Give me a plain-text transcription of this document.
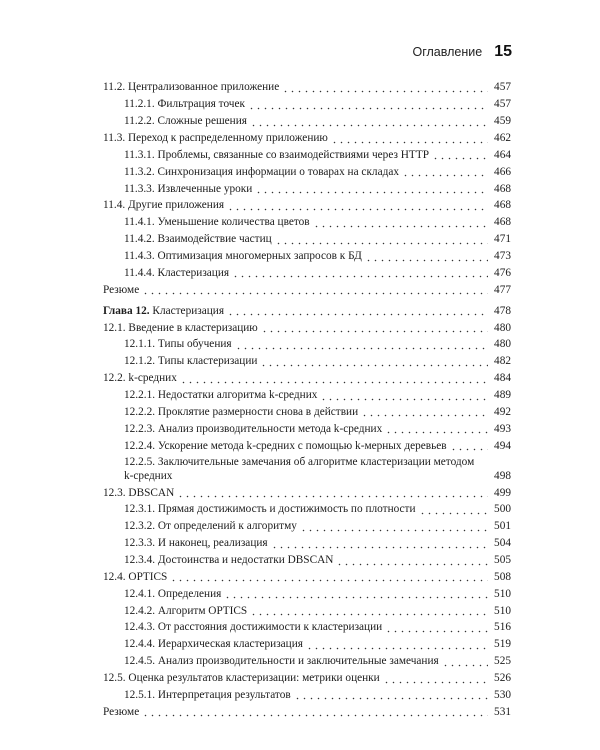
Оглавление 15
11.2. Централизованное приложение	457
11.2.1. Фильтрация точек	457
11.2.2. Сложные решения	459
11.3. Переход к распределенному приложению	462
11.3.1. Проблемы, связанные со взаимодействиями через HTTP	464
11.3.2. Синхронизация информации о товарах на складах	466
11.3.3. Извлеченные уроки	468
11.4. Другие приложения	468
11.4.1. Уменьшение количества цветов	468
11.4.2. Взаимодействие частиц	471
11.4.3. Оптимизация многомерных запросов к БД	473
11.4.4. Кластеризация	476
Резюме	477
Глава 12. Кластеризация	478
12.1. Введение в кластеризацию	480
12.1.1. Типы обучения	480
12.1.2. Типы кластеризации	482
12.2. k-средних	484
12.2.1. Недостатки алгоритма k-средних	489
12.2.2. Проклятие размерности снова в действии	492
12.2.3. Анализ производительности метода k-средних	493
12.2.4. Ускорение метода k-средних с помощью k-мерных деревьев	494
12.2.5. Заключительные замечания об алгоритме кластеризации методом k-средних	498
12.3. DBSCAN	499
12.3.1. Прямая достижимость и достижимость по плотности	500
12.3.2. От определений к алгоритму	501
12.3.3. И наконец, реализация	504
12.3.4. Достоинства и недостатки DBSCAN	505
12.4. OPTICS	508
12.4.1. Определения	510
12.4.2. Алгоритм OPTICS	510
12.4.3. От расстояния достижимости к кластеризации	516
12.4.4. Иерархическая кластеризация	519
12.4.5. Анализ производительности и заключительные замечания	525
12.5. Оценка результатов кластеризации: метрики оценки	526
12.5.1. Интерпретация результатов	530
Резюме	531
